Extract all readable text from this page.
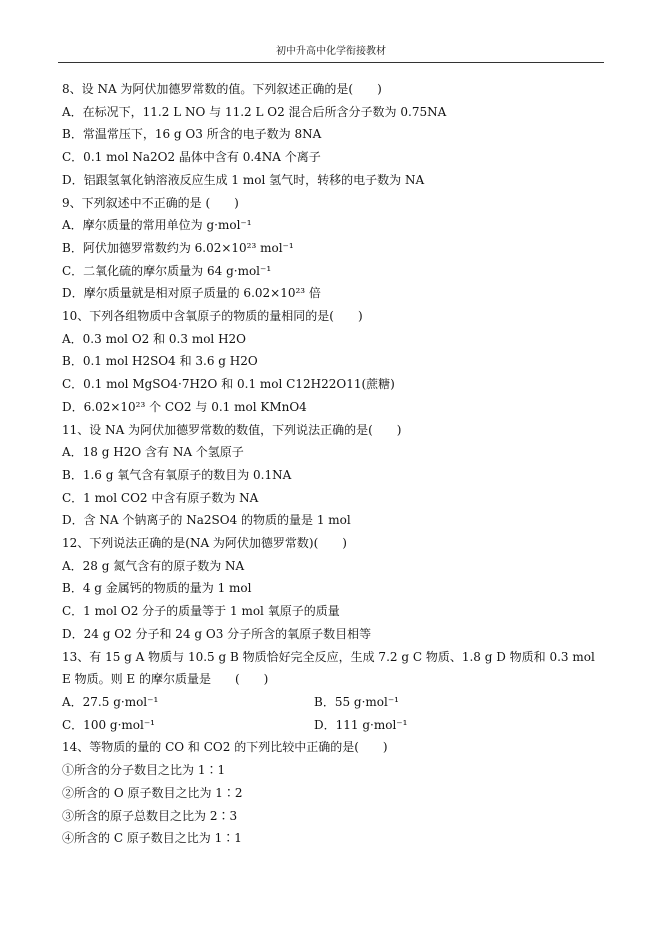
初中升高中化学衔接教材
8、设 NA 为阿伏加德罗常数的值。下列叙述正确的是(　　)
A．在标况下，11.2 L NO 与 11.2 L O2 混合后所含分子数为 0.75NA
B．常温常压下，16 g O3 所含的电子数为 8NA
C．0.1 mol Na2O2 晶体中含有 0.4NA 个离子
D．铝跟氢氧化钠溶液反应生成 1 mol 氢气时，转移的电子数为 NA
9、下列叙述中不正确的是 (　　)
A．摩尔质量的常用单位为 g·mol⁻¹
B．阿伏加德罗常数约为 6.02×10²³ mol⁻¹
C．二氧化硫的摩尔质量为 64 g·mol⁻¹
D．摩尔质量就是相对原子质量的 6.02×10²³ 倍
10、下列各组物质中含氧原子的物质的量相同的是(　　)
A．0.3 mol O2 和 0.3 mol H2O
B．0.1 mol H2SO4 和 3.6 g H2O
C．0.1 mol MgSO4·7H2O 和 0.1 mol C12H22O11(蔗糖)
D．6.02×10²³ 个 CO2 与 0.1 mol KMnO4
11、设 NA 为阿伏加德罗常数的数值，下列说法正确的是(　　)
A．18 g H2O 含有 NA 个氢原子
B．1.6 g 氧气含有氧原子的数目为 0.1NA
C．1 mol CO2 中含有原子数为 NA
D．含 NA 个钠离子的 Na2SO4 的物质的量是 1 mol
12、下列说法正确的是(NA 为阿伏加德罗常数)(　　)
A．28 g 氮气含有的原子数为 NA
B．4 g 金属钙的物质的量为 1 mol
C．1 mol O2 分子的质量等于 1 mol 氧原子的质量
D．24 g O2 分子和 24 g O3 分子所含的氧原子数目相等
13、有 15 g A 物质与 10.5 g B 物质恰好完全反应，生成 7.2 g C 物质、1.8 g D 物质和 0.3 mol E 物质。则 E 的摩尔质量是　　(　　)
A．27.5 g·mol⁻¹	B．55 g·mol⁻¹
C．100 g·mol⁻¹	D．111 g·mol⁻¹
14、等物质的量的 CO 和 CO2 的下列比较中正确的是(　　)
①所含的分子数目之比为 1∶1
②所含的 O 原子数目之比为 1∶2
③所含的原子总数目之比为 2∶3
④所含的 C 原子数目之比为 1∶1
